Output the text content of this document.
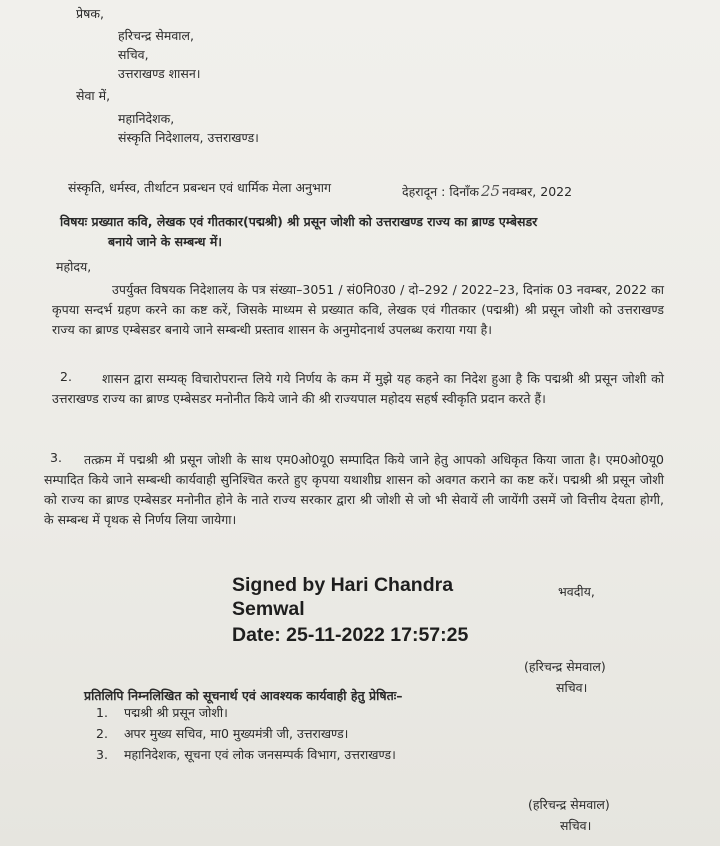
प्रेषक,
हरिचन्द्र सेमवाल,
सचिव,
उत्तराखण्ड शासन।
सेवा में,
महानिदेशक,
संस्कृति निदेशालय, उत्तराखण्ड।
संस्कृति, धर्मस्व, तीर्थाटन प्रबन्धन एवं धार्मिक मेला अनुभाग	देहरादून : दिनाँक 25 नवम्बर, 2022
विषयः प्रख्यात कवि, लेखक एवं गीतकार(पद्मश्री) श्री प्रसून जोशी को उत्तराखण्ड राज्य का ब्राण्ड एम्बेसडर
बनाये जाने के सम्बन्ध में।
महोदय,
उपर्युक्त विषयक निदेशालय के पत्र संख्या–3051 / सं0नि0उ0 / दो–292 / 2022–23, दिनांक 03 नवम्बर, 2022 का कृपया सन्दर्भ ग्रहण करने का कष्ट करें, जिसके माध्यम से प्रख्यात कवि, लेखक एवं गीतकार (पद्मश्री) श्री प्रसून जोशी को उत्तराखण्ड राज्य का ब्राण्ड एम्बेसडर बनाये जाने सम्बन्धी प्रस्ताव शासन के अनुमोदनार्थ उपलब्ध कराया गया है।
2.	शासन द्वारा सम्यक् विचारोपरान्त लिये गये निर्णय के कम में मुझे यह कहने का निदेश हुआ है कि पद्मश्री श्री प्रसून जोशी को उत्तराखण्ड राज्य का ब्राण्ड एम्बेसडर मनोनीत किये जाने की श्री राज्यपाल महोदय सहर्ष स्वीकृति प्रदान करते हैं।
3.	तत्क्रम में पद्मश्री श्री प्रसून जोशी के साथ एम0ओ0यू0 सम्पादित किये जाने हेतु आपको अधिकृत किया जाता है। एम0ओ0यू0 सम्पादित किये जाने सम्बन्धी कार्यवाही सुनिश्चित करते हुए कृपया यथाशीघ्र शासन को अवगत कराने का कष्ट करें। पद्मश्री श्री प्रसून जोशी को राज्य का ब्राण्ड एम्बेसडर मनोनीत होने के नाते राज्य सरकार द्वारा श्री जोशी से जो भी सेवायें ली जायेंगी उसमें जो वित्तीय देयता होगी, के सम्बन्ध में पृथक से निर्णय लिया जायेगा।
Signed by Hari Chandra
Semwal
Date: 25-11-2022 17:57:25
भवदीय,
(हरिचन्द्र सेमवाल)
सचिव।
प्रतिलिपि निम्नलिखित को सूचनार्थ एवं आवश्यक कार्यवाही हेतु प्रेषितः–
1. पद्मश्री श्री प्रसून जोशी।
2. अपर मुख्य सचिव, मा0 मुख्यमंत्री जी, उत्तराखण्ड।
3. महानिदेशक, सूचना एवं लोक जनसम्पर्क विभाग, उत्तराखण्ड।
(हरिचन्द्र सेमवाल)
सचिव।
